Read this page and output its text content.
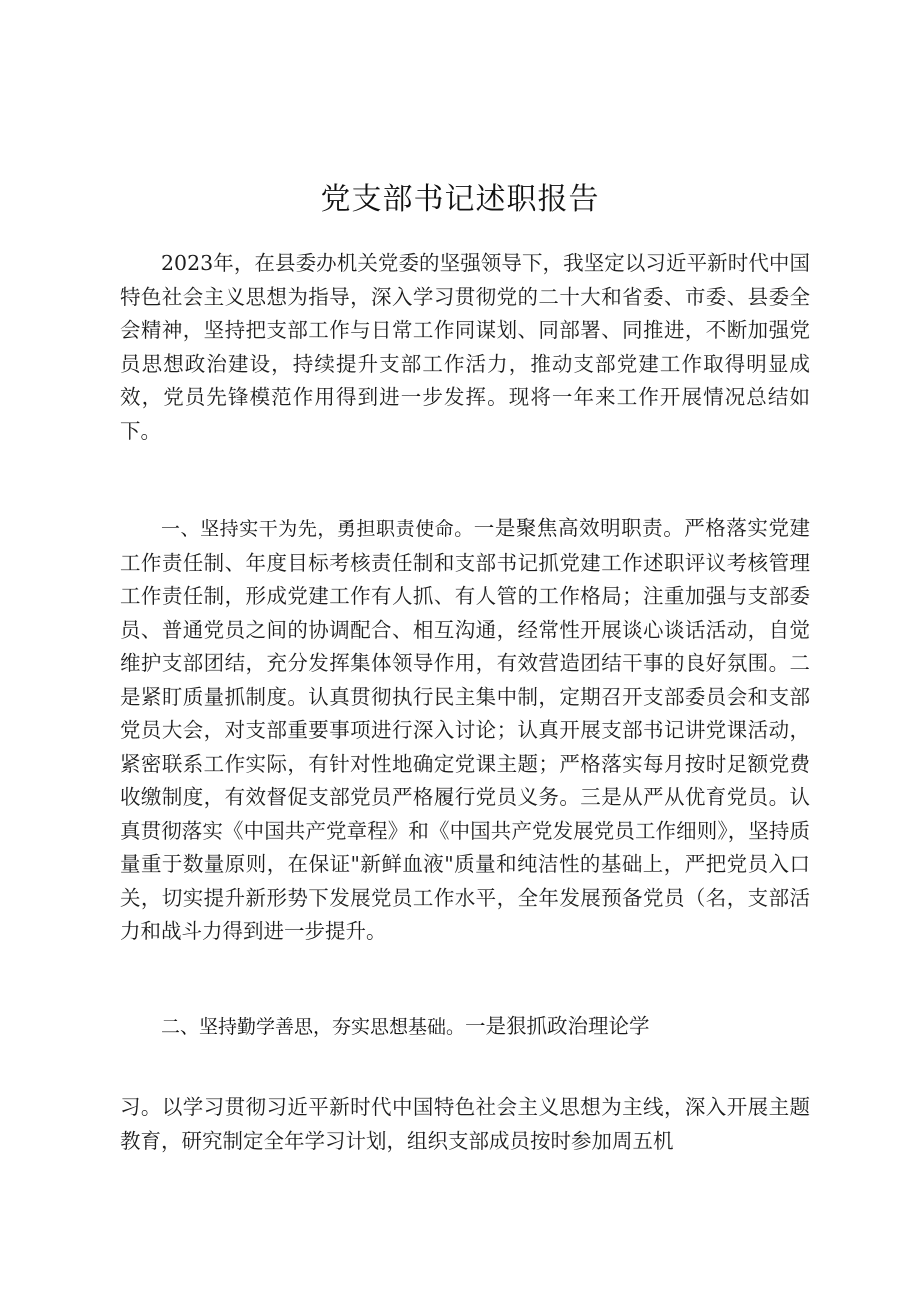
党支部书记述职报告

2023年，在县委办机关党委的坚强领导下，我坚定以习近平新时代中国特色社会主义思想为指导，深入学习贯彻党的二十大和省委、市委、县委全会精神，坚持把支部工作与日常工作同谋划、同部署、同推进，不断加强党员思想政治建设，持续提升支部工作活力，推动支部党建工作取得明显成效，党员先锋模范作用得到进一步发挥。现将一年来工作开展情况总结如下。

一、坚持实干为先，勇担职责使命。一是聚焦高效明职责。严格落实党建工作责任制、年度目标考核责任制和支部书记抓党建工作述职评议考核管理工作责任制，形成党建工作有人抓、有人管的工作格局；注重加强与支部委员、普通党员之间的协调配合、相互沟通，经常性开展谈心谈话活动，自觉维护支部团结，充分发挥集体领导作用，有效营造团结干事的良好氛围。二是紧盯质量抓制度。认真贯彻执行民主集中制，定期召开支部委员会和支部党员大会，对支部重要事项进行深入讨论；认真开展支部书记讲党课活动，紧密联系工作实际，有针对性地确定党课主题；严格落实每月按时足额党费收缴制度，有效督促支部党员严格履行党员义务。三是从严从优育党员。认真贯彻落实《中国共产党章程》和《中国共产党发展党员工作细则》，坚持质量重于数量原则，在保证"新鲜血液"质量和纯洁性的基础上，严把党员入口关，切实提升新形势下发展党员工作水平，全年发展预备党员（名，支部活力和战斗力得到进一步提升。

二、坚持勤学善思，夯实思想基础。一是狠抓政治理论学

习。以学习贯彻习近平新时代中国特色社会主义思想为主线，深入开展主题教育，研究制定全年学习计划，组织支部成员按时参加周五机
